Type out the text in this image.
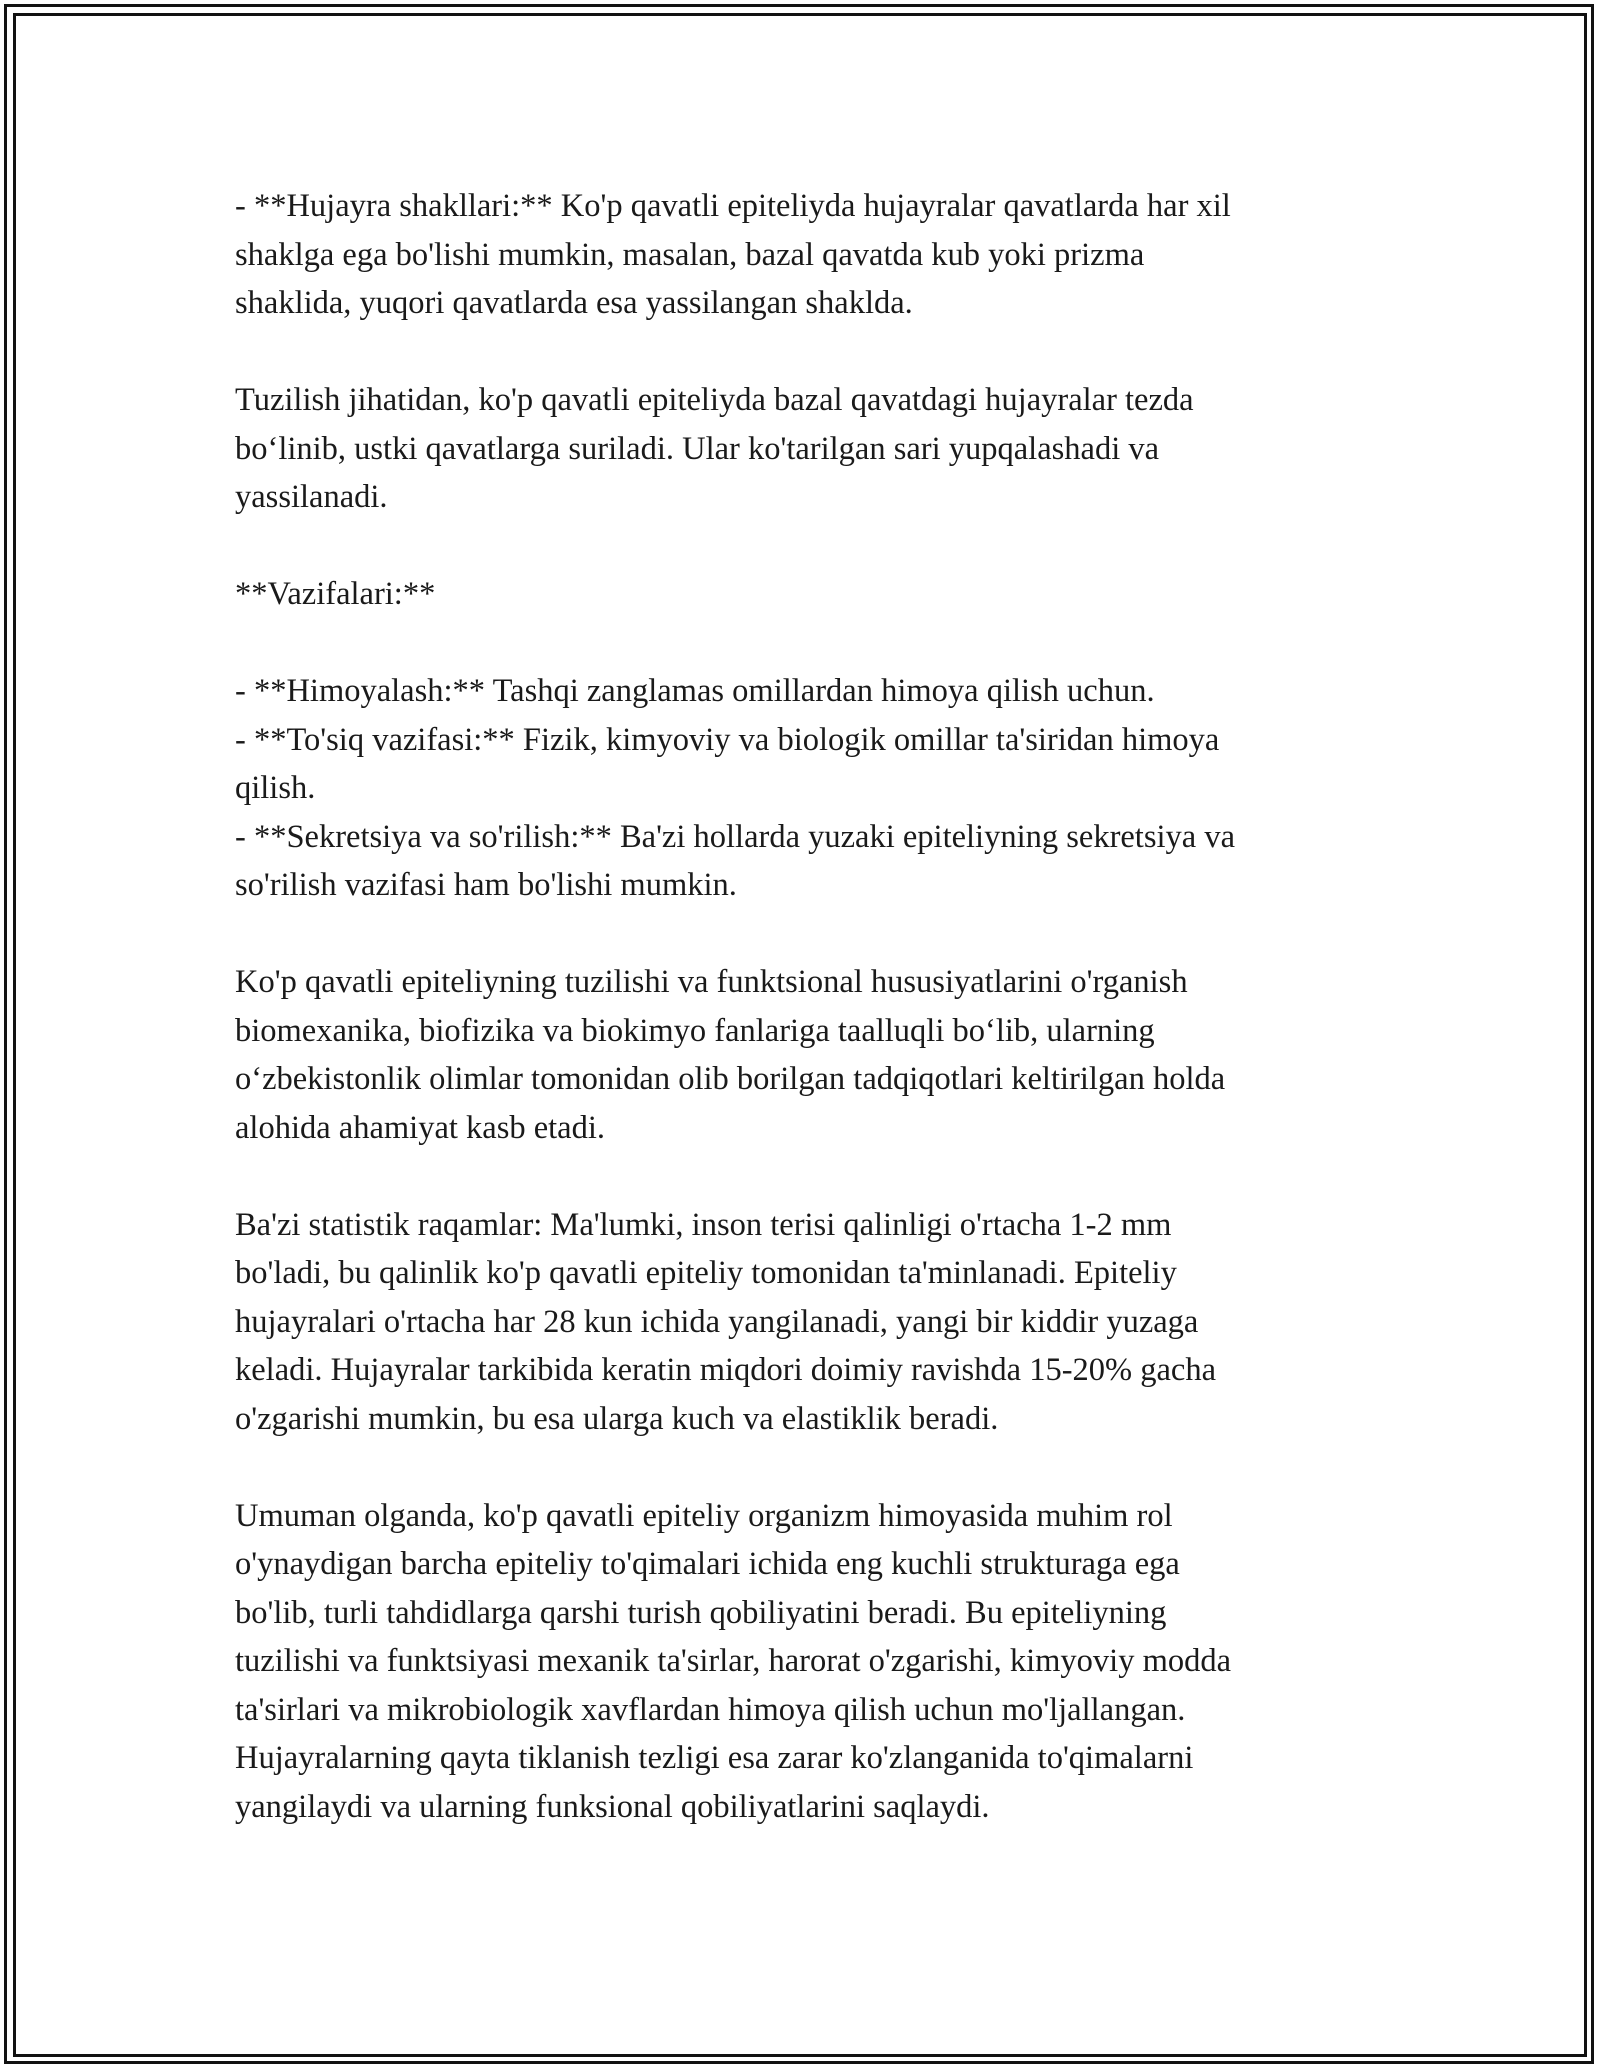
- **Hujayra shakllari:** Ko'p qavatli epiteliyda hujayralar qavatlarda har xil
shaklga ega bo'lishi mumkin, masalan, bazal qavatda kub yoki prizma
shaklida, yuqori qavatlarda esa yassilangan shaklda.
Tuzilish jihatidan, ko'p qavatli epiteliyda bazal qavatdagi hujayralar tezda
bo‘linib, ustki qavatlarga suriladi. Ular ko'tarilgan sari yupqalashadi va
yassilanadi.
**Vazifalari:**
- **Himoyalash:** Tashqi zanglamas omillardan himoya qilish uchun.
- **To'siq vazifasi:** Fizik, kimyoviy va biologik omillar ta'siridan himoya
qilish.
- **Sekretsiya va so'rilish:** Ba'zi hollarda yuzaki epiteliyning sekretsiya va
so'rilish vazifasi ham bo'lishi mumkin.
Ko'p qavatli epiteliyning tuzilishi va funktsional hususiyatlarini o'rganish
biomexanika, biofizika va biokimyo fanlariga taalluqli bo‘lib, ularning
o‘zbekistonlik olimlar tomonidan olib borilgan tadqiqotlari keltirilgan holda
alohida ahamiyat kasb etadi.
Ba'zi statistik raqamlar: Ma'lumki, inson terisi qalinligi o'rtacha 1-2 mm
bo'ladi, bu qalinlik ko'p qavatli epiteliy tomonidan ta'minlanadi. Epiteliy
hujayralari o'rtacha har 28 kun ichida yangilanadi, yangi bir kiddir yuzaga
keladi. Hujayralar tarkibida keratin miqdori doimiy ravishda 15-20% gacha
o'zgarishi mumkin, bu esa ularga kuch va elastiklik beradi.
Umuman olganda, ko'p qavatli epiteliy organizm himoyasida muhim rol
o'ynaydigan barcha epiteliy to'qimalari ichida eng kuchli strukturaga ega
bo'lib, turli tahdidlarga qarshi turish qobiliyatini beradi. Bu epiteliyning
tuzilishi va funktsiyasi mexanik ta'sirlar, harorat o'zgarishi, kimyoviy modda
ta'sirlari va mikrobiologik xavflardan himoya qilish uchun mo'ljallangan.
Hujayralarning qayta tiklanish tezligi esa zarar ko'zlanganida to'qimalarni
yangilaydi va ularning funksional qobiliyatlarini saqlaydi.
